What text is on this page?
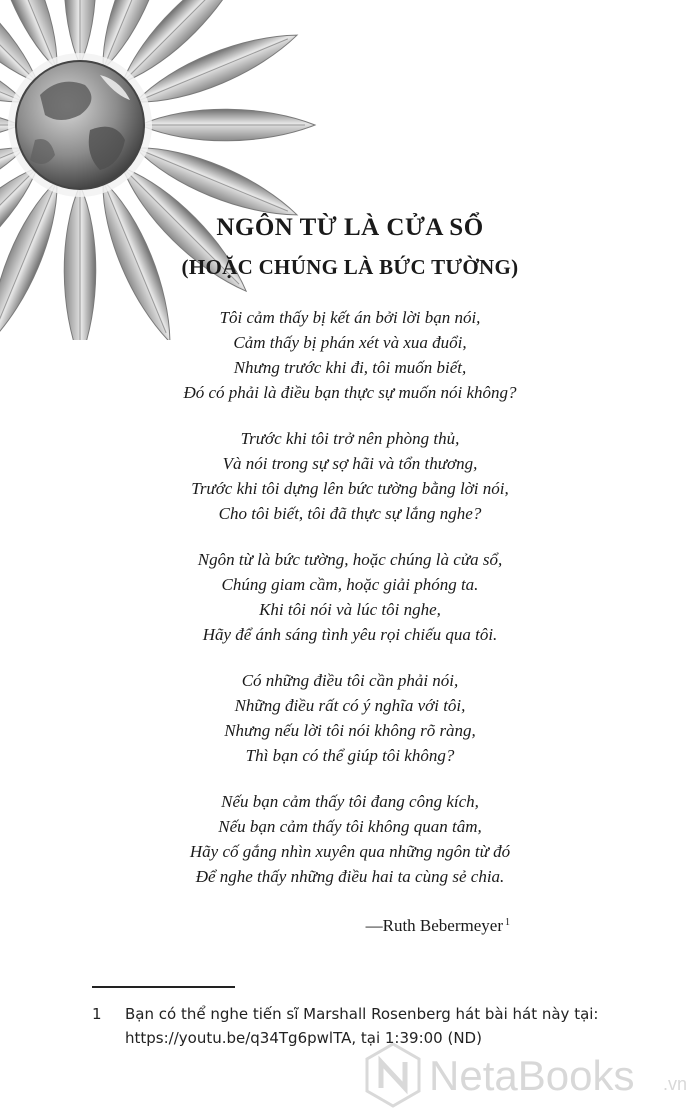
NGÔN TỪ LÀ CỬA SỔ
(HOẶC CHÚNG LÀ BỨC TƯỜNG)
Tôi cảm thấy bị kết án bởi lời bạn nói,
Cảm thấy bị phán xét và xua đuổi,
Nhưng trước khi đi, tôi muốn biết,
Đó có phải là điều bạn thực sự muốn nói không?
Trước khi tôi trở nên phòng thủ,
Và nói trong sự sợ hãi và tổn thương,
Trước khi tôi dựng lên bức tường bằng lời nói,
Cho tôi biết, tôi đã thực sự lắng nghe?
Ngôn từ là bức tường, hoặc chúng là cửa sổ,
Chúng giam cầm, hoặc giải phóng ta.
Khi tôi nói và lúc tôi nghe,
Hãy để ánh sáng tình yêu rọi chiếu qua tôi.
Có những điều tôi cần phải nói,
Những điều rất có ý nghĩa với tôi,
Nhưng nếu lời tôi nói không rõ ràng,
Thì bạn có thể giúp tôi không?
Nếu bạn cảm thấy tôi đang công kích,
Nếu bạn cảm thấy tôi không quan tâm,
Hãy cố gắng nhìn xuyên qua những ngôn từ đó
Để nghe thấy những điều hai ta cùng sẻ chia.
—Ruth Bebermeyer $^1$
1 Bạn có thể nghe tiến sĩ Marshall Rosenberg hát bài hát này tại: https://youtu.be/q34Tg6pwlTA, tại 1:39:00 (ND)
NetaBooks .vn
